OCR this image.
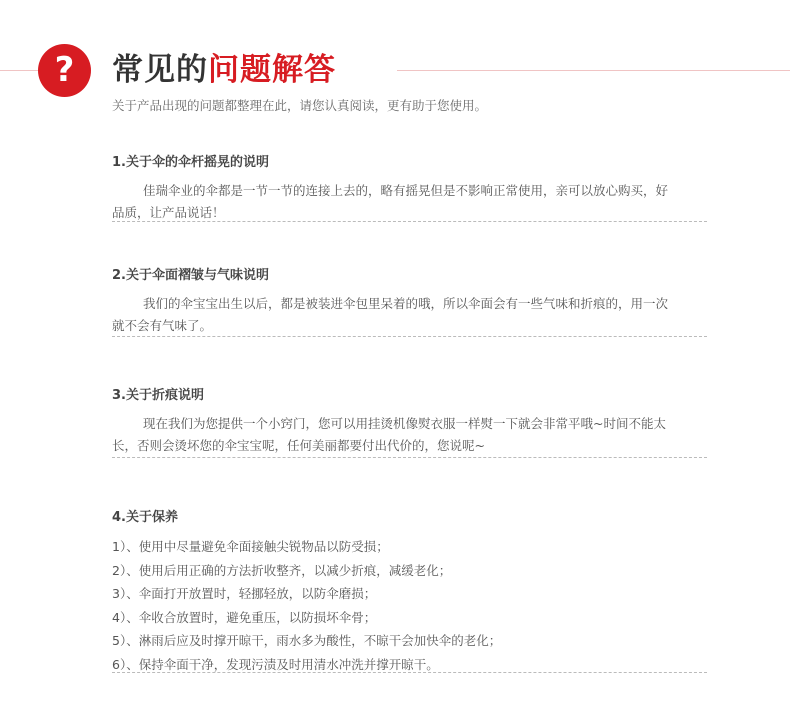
?	常见的问题解答
关于产品出现的问题都整理在此，请您认真阅读，更有助于您使用。
1.关于伞的伞杆摇晃的说明
佳瑞伞业的伞都是一节一节的连接上去的，略有摇晃但是不影响正常使用，亲可以放心购买，好品质，让产品说话！
2.关于伞面褶皱与气味说明
我们的伞宝宝出生以后，都是被装进伞包里呆着的哦，所以伞面会有一些气味和折痕的，用一次就不会有气味了。
3.关于折痕说明
现在我们为您提供一个小窍门，您可以用挂烫机像熨衣服一样熨一下就会非常平哦~时间不能太长，否则会烫坏您的伞宝宝呢，任何美丽都要付出代价的，您说呢~
4.关于保养
1）、使用中尽量避免伞面接触尖锐物品以防受损；
2）、使用后用正确的方法折收整齐，以减少折痕，减缓老化；
3）、伞面打开放置时，轻挪轻放，以防伞磨损；
4）、伞收合放置时，避免重压，以防损坏伞骨；
5）、淋雨后应及时撑开晾干，雨水多为酸性，不晾干会加快伞的老化；
6）、保持伞面干净，发现污渍及时用清水冲洗并撑开晾干。
